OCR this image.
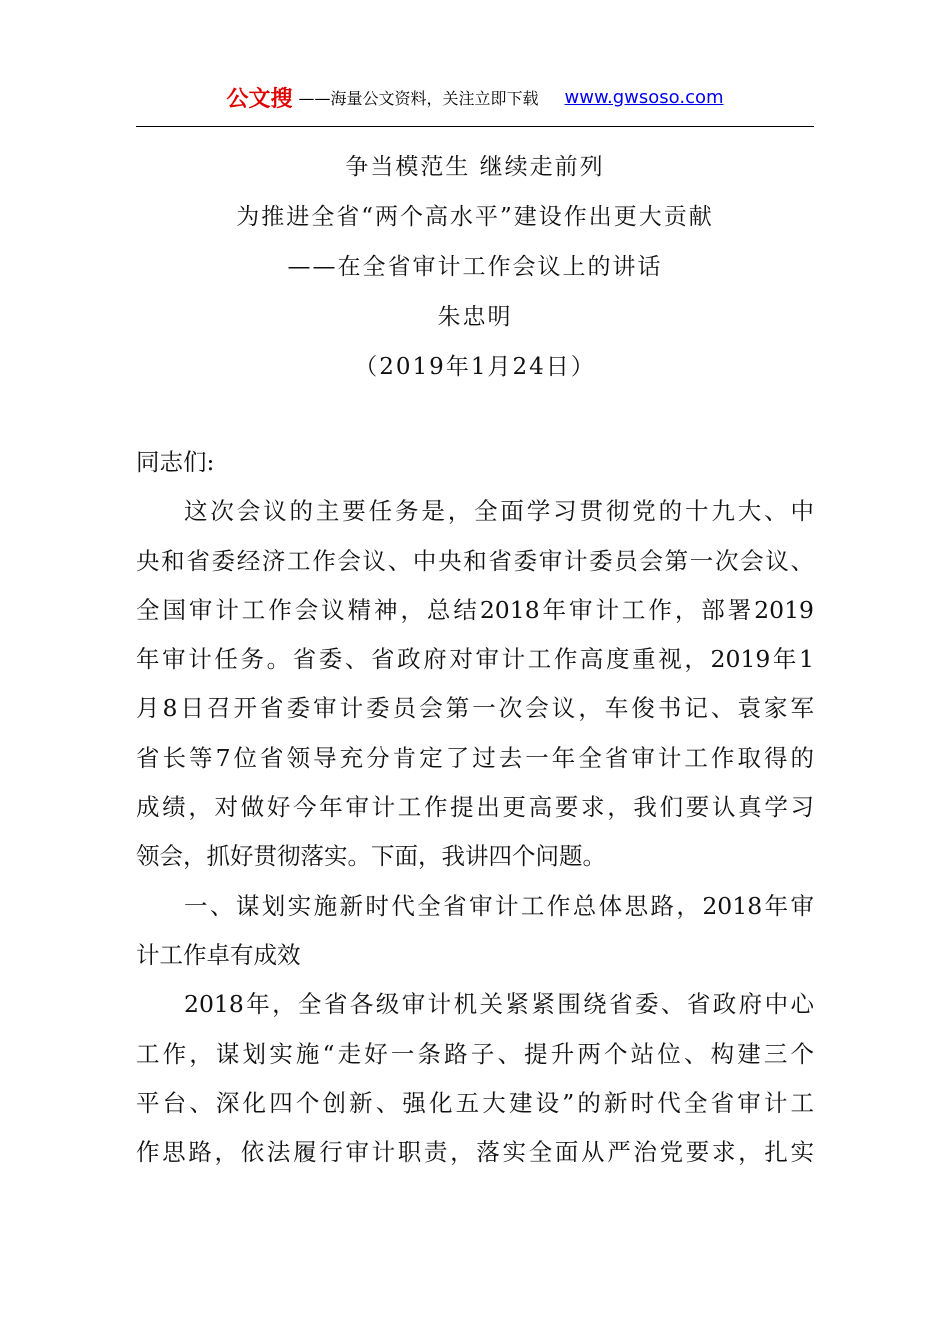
公文搜 ——海量公文资料，关注立即下载 www.gwsoso.com
争当模范生 继续走前列
为推进全省“两个高水平”建设作出更大贡献
——在全省审计工作会议上的讲话
朱忠明
（2019年1月24日）
同志们:
这次会议的主要任务是，全面学习贯彻党的十九大、中
央和省委经济工作会议、中央和省委审计委员会第一次会议、
全国审计工作会议精神，总结2018年审计工作，部署2019
年审计任务。省委、省政府对审计工作高度重视，2019年1
月8日召开省委审计委员会第一次会议，车俊书记、袁家军
省长等7位省领导充分肯定了过去一年全省审计工作取得的
成绩，对做好今年审计工作提出更高要求，我们要认真学习
领会，抓好贯彻落实。下面，我讲四个问题。
一、谋划实施新时代全省审计工作总体思路，2018年审
计工作卓有成效
2018年，全省各级审计机关紧紧围绕省委、省政府中心
工作，谋划实施“走好一条路子、提升两个站位、构建三个
平台、深化四个创新、强化五大建设”的新时代全省审计工
作思路，依法履行审计职责，落实全面从严治党要求，扎实
